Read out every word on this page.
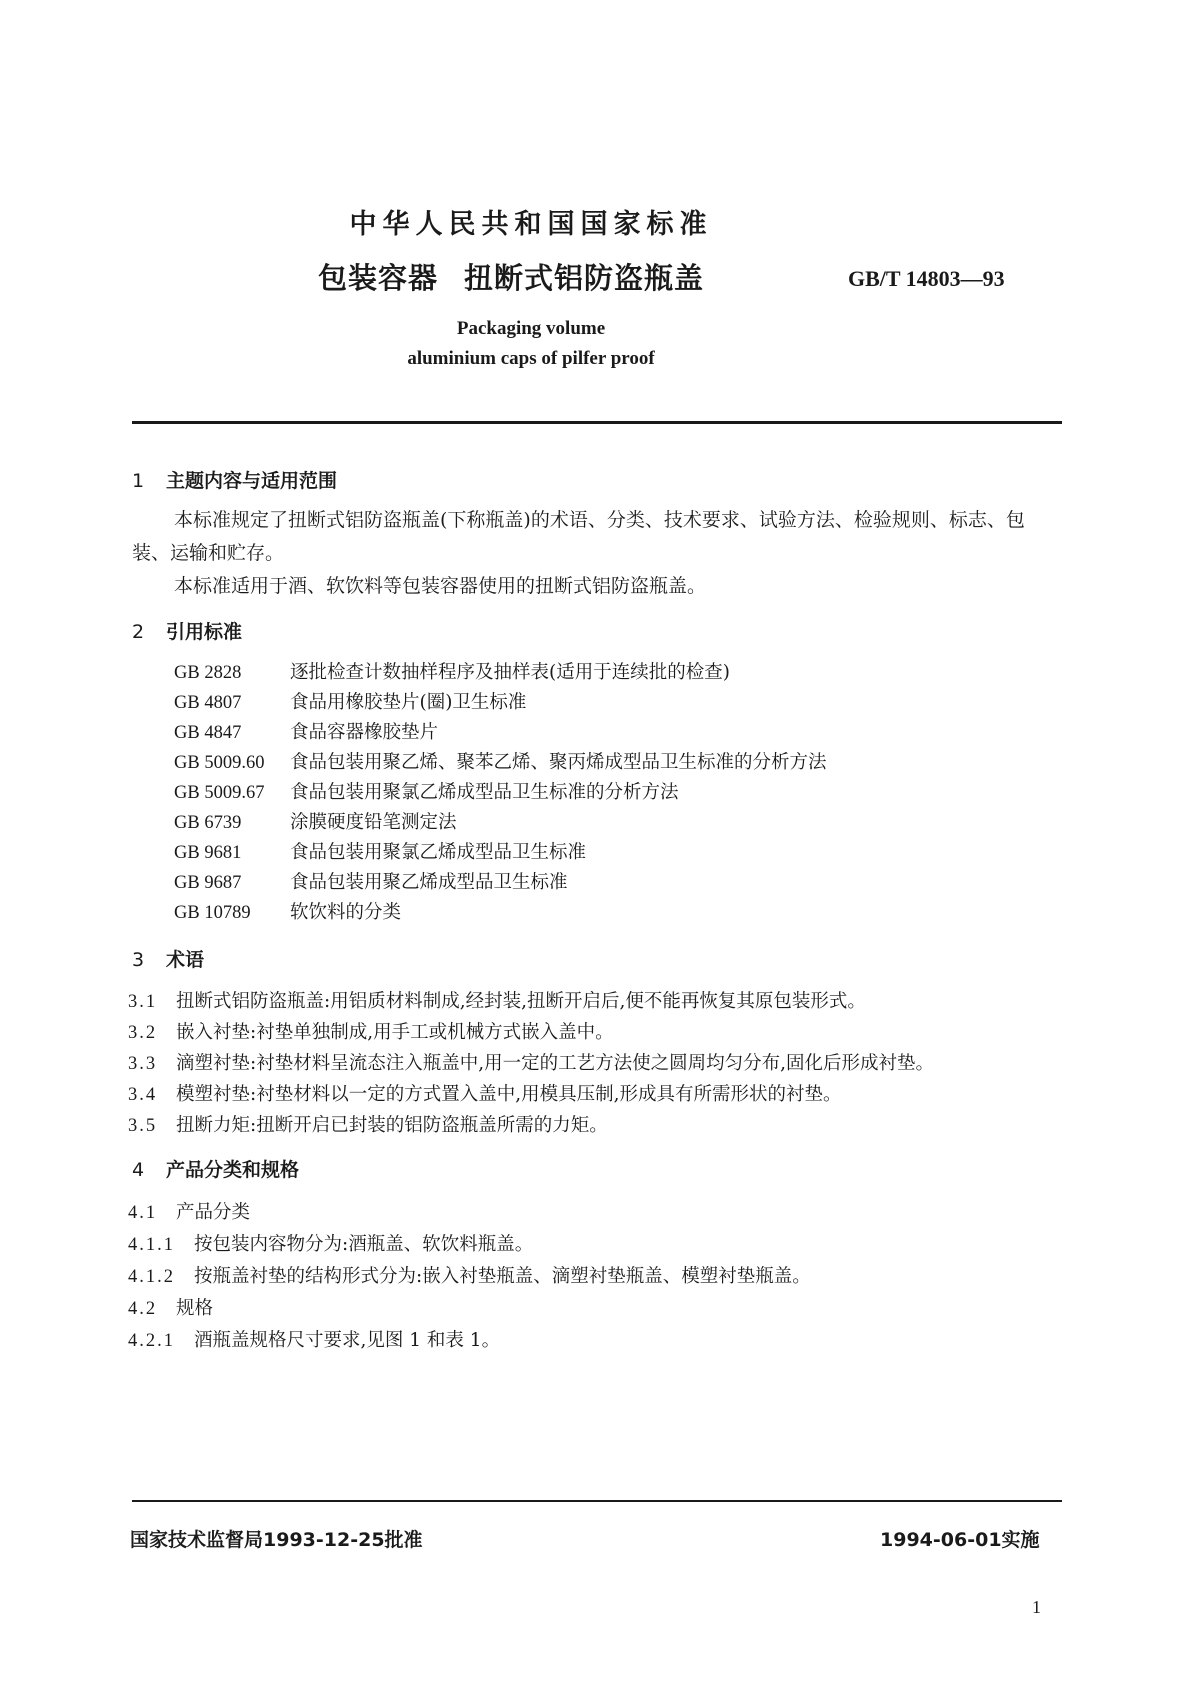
中华人民共和国国家标准
包装容器 扭断式铝防盗瓶盖	GB/T 14803—93
Packaging volume
aluminium caps of pilfer proof
1 主题内容与适用范围

本标准规定了扭断式铝防盗瓶盖(下称瓶盖)的术语、分类、技术要求、试验方法、检验规则、标志、包装、运输和贮存。

本标准适用于酒、软饮料等包装容器使用的扭断式铝防盗瓶盖。

2 引用标准
GB 2828	逐批检查计数抽样程序及抽样表(适用于连续批的检查)
GB 4807	食品用橡胶垫片(圈)卫生标准
GB 4847	食品容器橡胶垫片
GB 5009.60 食品包装用聚乙烯、聚苯乙烯、聚丙烯成型品卫生标准的分析方法
GB 5009.67 食品包装用聚氯乙烯成型品卫生标准的分析方法
GB 6739	涂膜硬度铅笔测定法
GB 9681	食品包装用聚氯乙烯成型品卫生标准
GB 9687	食品包装用聚乙烯成型品卫生标准
GB 10789 软饮料的分类
3 术语
3.1 扭断式铝防盗瓶盖:用铝质材料制成,经封装,扭断开启后,便不能再恢复其原包装形式。
3.2 嵌入衬垫:衬垫单独制成,用手工或机械方式嵌入盖中。
3.3 滴塑衬垫:衬垫材料呈流态注入瓶盖中,用一定的工艺方法使之圆周均匀分布,固化后形成衬垫。
3.4 模塑衬垫:衬垫材料以一定的方式置入盖中,用模具压制,形成具有所需形状的衬垫。
3.5 扭断力矩:扭断开启已封装的铝防盗瓶盖所需的力矩。
4 产品分类和规格
4.1 产品分类
4.1.1 按包装内容物分为:酒瓶盖、软饮料瓶盖。
4.1.2 按瓶盖衬垫的结构形式分为:嵌入衬垫瓶盖、滴塑衬垫瓶盖、模塑衬垫瓶盖。
4.2 规格
4.2.1 酒瓶盖规格尺寸要求,见图 1 和表 1。
国家技术监督局1993-12-25批准	1994-06-01实施
1
